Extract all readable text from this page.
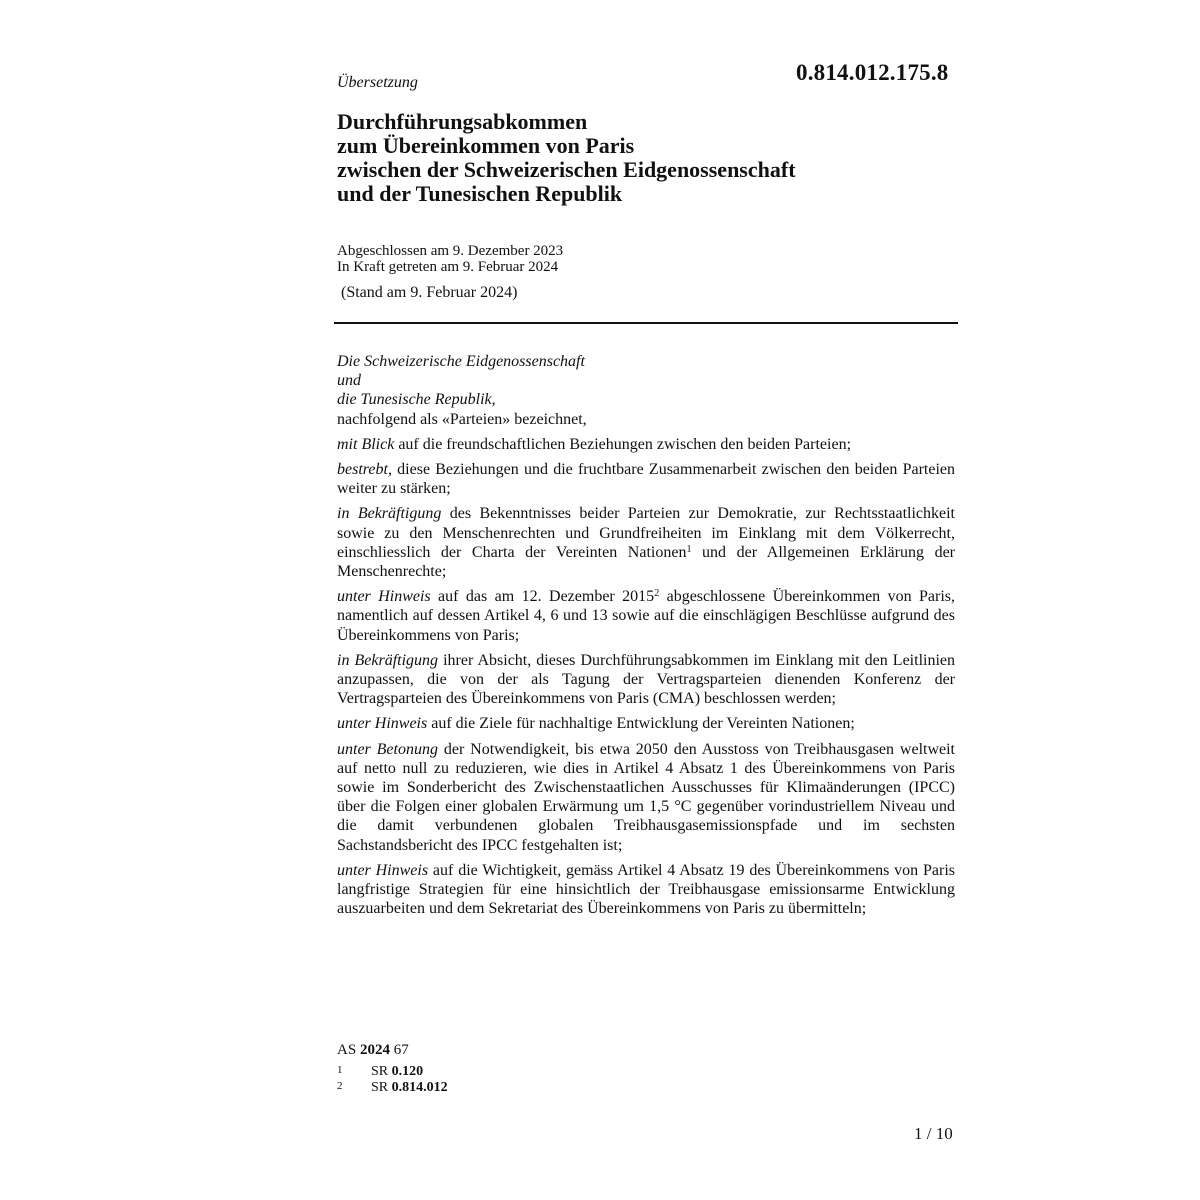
Übersetzung	0.814.012.175.8
Durchführungsabkommen
zum Übereinkommen von Paris
zwischen der Schweizerischen Eidgenossenschaft
und der Tunesischen Republik
Abgeschlossen am 9. Dezember 2023
In Kraft getreten am 9. Februar 2024
(Stand am 9. Februar 2024)

Die Schweizerische Eidgenossenschaft
und
die Tunesische Republik,
nachfolgend als «Parteien» bezeichnet,

mit Blick auf die freundschaftlichen Beziehungen zwischen den beiden Parteien;

bestrebt, diese Beziehungen und die fruchtbare Zusammenarbeit zwischen den beiden Parteien weiter zu stärken;

in Bekräftigung des Bekenntnisses beider Parteien zur Demokratie, zur Rechtsstaatlichkeit sowie zu den Menschenrechten und Grundfreiheiten im Einklang mit dem Völkerrecht, einschliesslich der Charta der Vereinten Nationen$^1$ und der Allgemeinen Erklärung der Menschenrechte;

unter Hinweis auf das am 12. Dezember 2015$^2$ abgeschlossene Übereinkommen von Paris, namentlich auf dessen Artikel 4, 6 und 13 sowie auf die einschlägigen Beschlüsse aufgrund des Übereinkommens von Paris;

in Bekräftigung ihrer Absicht, dieses Durchführungsabkommen im Einklang mit den Leitlinien anzupassen, die von der als Tagung der Vertragsparteien dienenden Konferenz der Vertragsparteien des Übereinkommens von Paris (CMA) beschlossen werden;

unter Hinweis auf die Ziele für nachhaltige Entwicklung der Vereinten Nationen;

unter Betonung der Notwendigkeit, bis etwa 2050 den Ausstoss von Treibhausgasen weltweit auf netto null zu reduzieren, wie dies in Artikel 4 Absatz 1 des Übereinkommens von Paris sowie im Sonderbericht des Zwischenstaatlichen Ausschusses für Klimaänderungen (IPCC) über die Folgen einer globalen Erwärmung um 1,5 °C gegenüber vorindustriellem Niveau und die damit verbundenen globalen Treibhausgasemissionspfade und im sechsten Sachstandsbericht des IPCC festgehalten ist;

unter Hinweis auf die Wichtigkeit, gemäss Artikel 4 Absatz 19 des Übereinkommens von Paris langfristige Strategien für eine hinsichtlich der Treibhausgase emissionsarme Entwicklung auszuarbeiten und dem Sekretariat des Übereinkommens von Paris zu übermitteln;

AS 2024 67
1 SR 0.120
2 SR 0.814.012
1 / 10
